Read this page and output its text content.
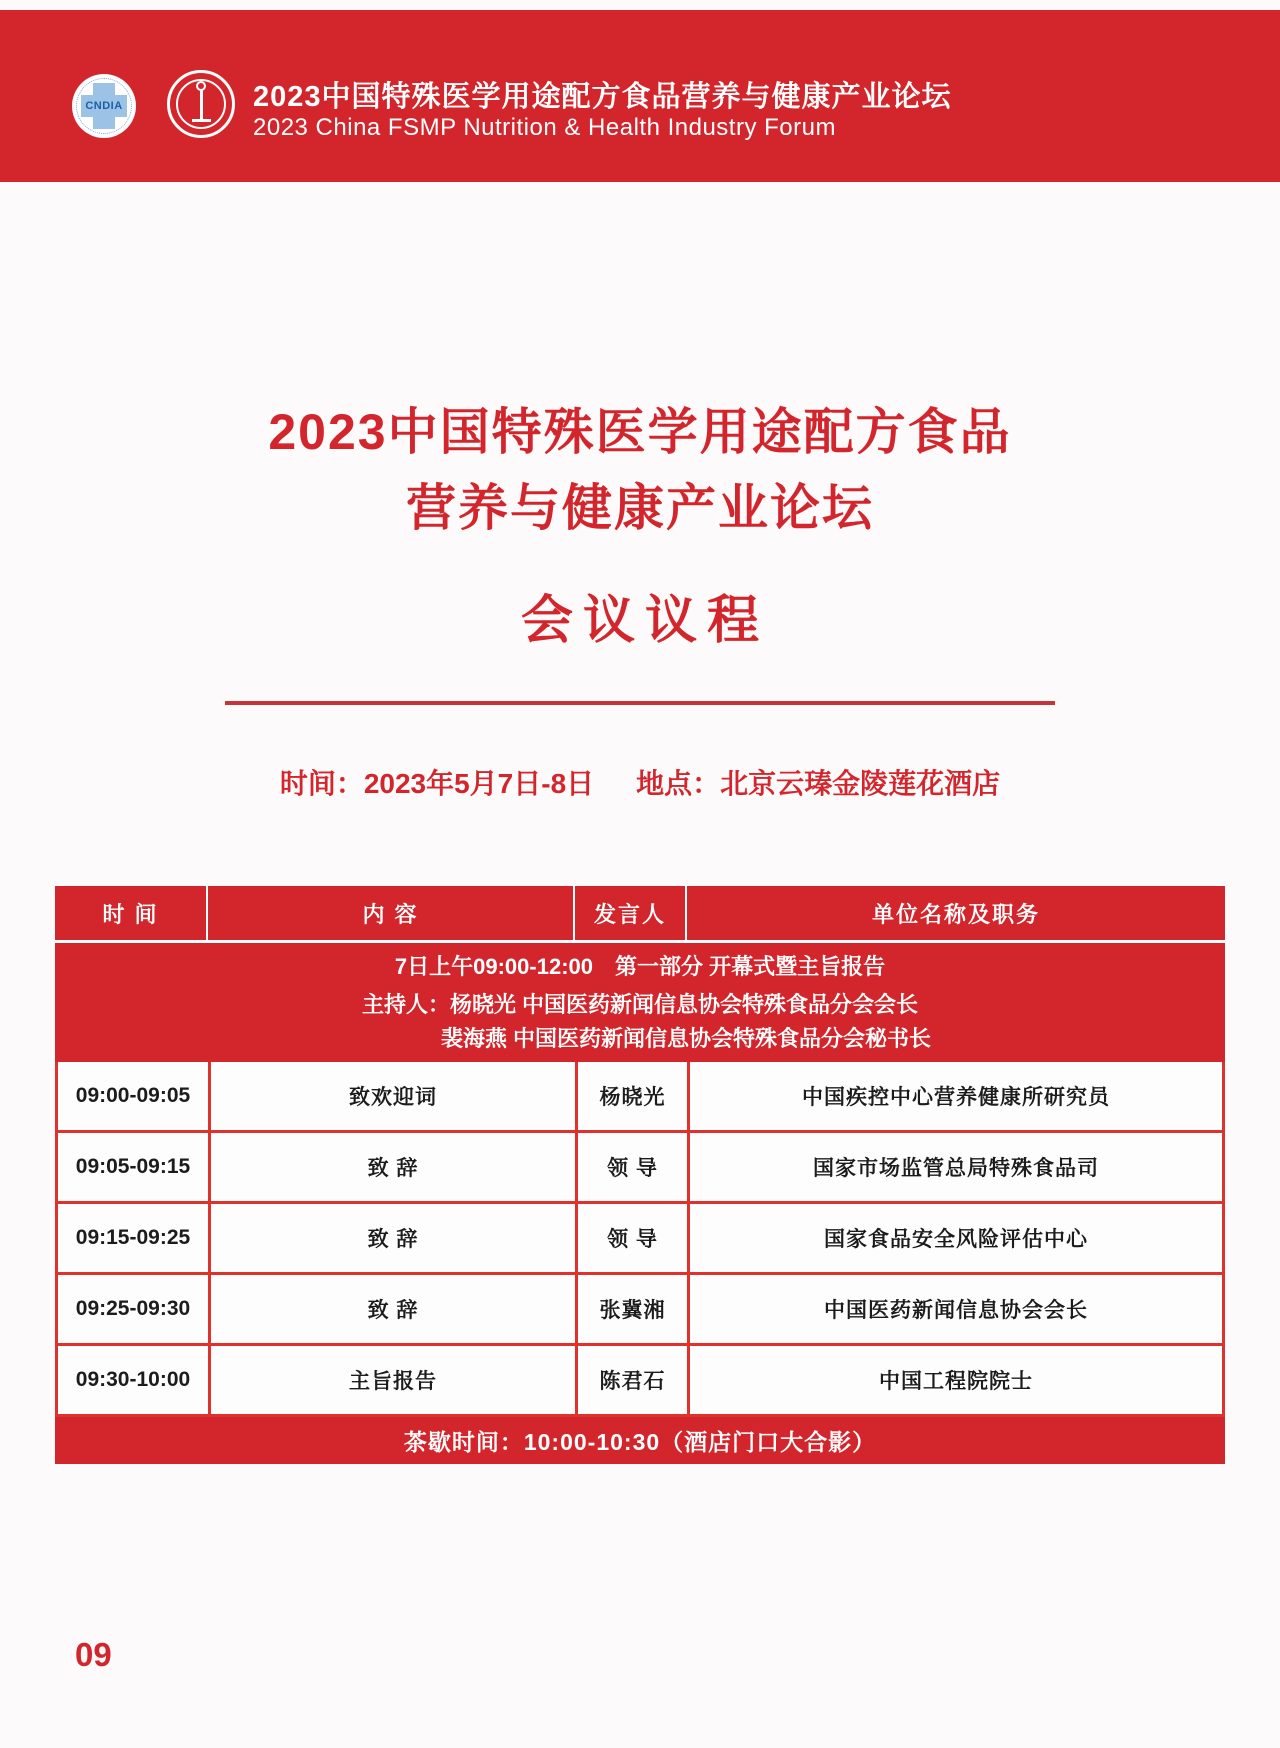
CNDIA	2023中国特殊医学用途配方食品营养与健康产业论坛
2023 China FSMP Nutrition & Health Industry Forum
2023中国特殊医学用途配方食品
营养与健康产业论坛
会议议程
时间：2023年5月7日-8日 地点：北京云瑧金陵莲花酒店
时 间	内 容	发言人	单位名称及职务
7日上午09:00-12:00　第一部分 开幕式暨主旨报告
主持人：杨晓光 中国医药新闻信息协会特殊食品分会会长
裴海燕 中国医药新闻信息协会特殊食品分会秘书长
09:00-09:05	致欢迎词	杨晓光	中国疾控中心营养健康所研究员
09:05-09:15	致 辞	领 导	国家市场监管总局特殊食品司
09:15-09:25	致 辞	领 导	国家食品安全风险评估中心
09:25-09:30	致 辞	张冀湘	中国医药新闻信息协会会长
09:30-10:00	主旨报告	陈君石	中国工程院院士
茶歇时间：10:00-10:30（酒店门口大合影）
09
